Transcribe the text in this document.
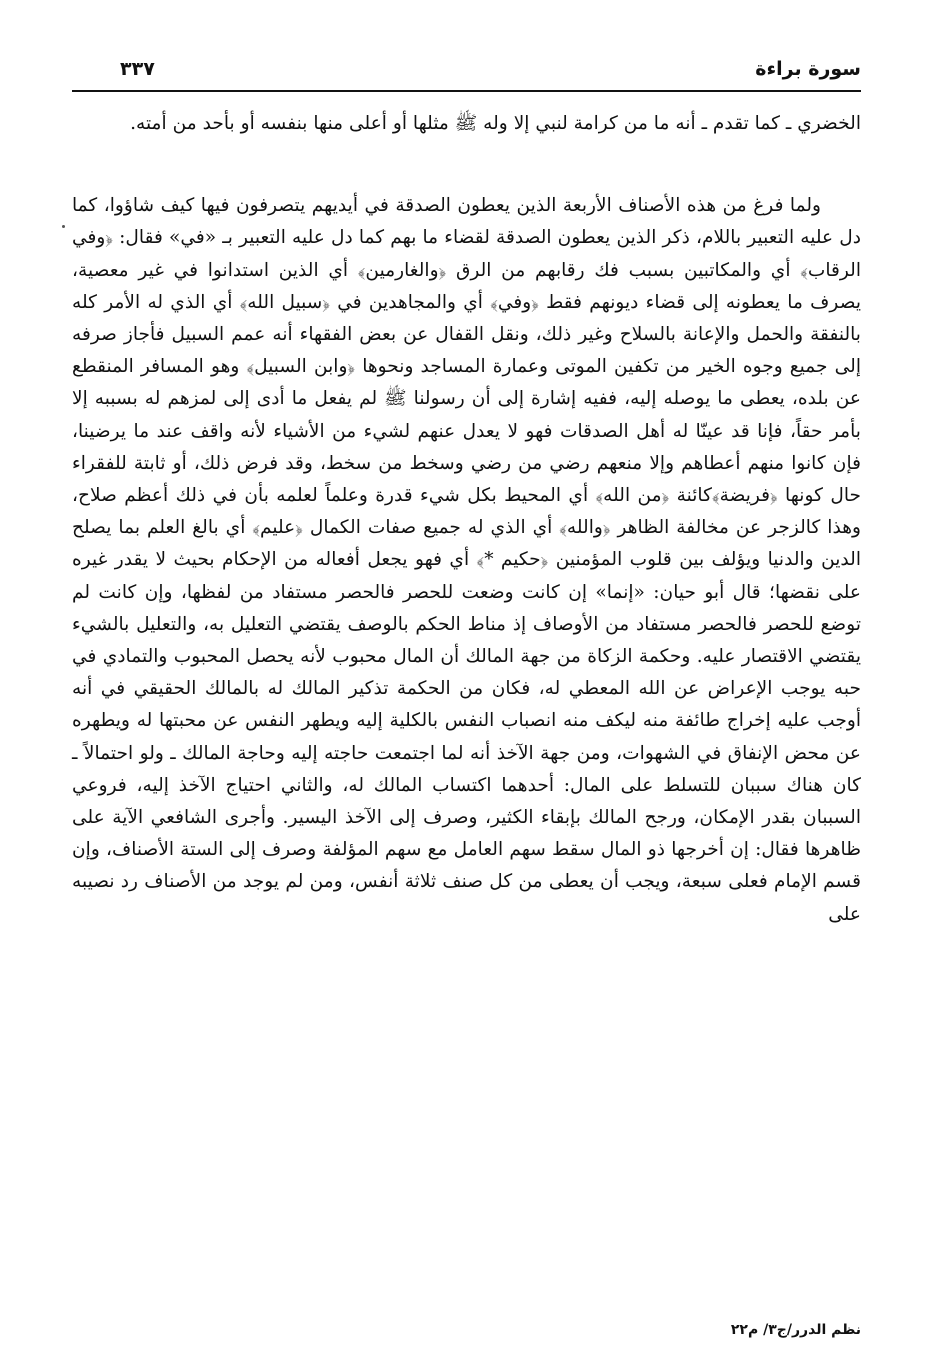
سورة براءة
٣٣٧

الخضري ـ كما تقدم ـ أنه ما من كرامة لنبي إلا وله ﷺ مثلها أو أعلى منها بنفسه أو بأحد من أمته.

ولما فرغ من هذه الأصناف الأربعة الذين يعطون الصدقة في أيديهم يتصرفون فيها كيف شاؤوا، كما دل عليه التعبير باللام، ذكر الذين يعطون الصدقة لقضاء ما بهم كما دل عليه التعبير بـ «في» فقال: ﴿وفي الرقاب﴾ أي والمكاتبين بسبب فك رقابهم من الرق ﴿والغارمين﴾ أي الذين استدانوا في غير معصية، يصرف ما يعطونه إلى قضاء ديونهم فقط ﴿وفي﴾ أي والمجاهدين في ﴿سبيل الله﴾ أي الذي له الأمر كله بالنفقة والحمل والإعانة بالسلاح وغير ذلك، ونقل القفال عن بعض الفقهاء أنه عمم السبيل فأجاز صرفه إلى جميع وجوه الخير من تكفين الموتى وعمارة المساجد ونحوها ﴿وابن السبيل﴾ وهو المسافر المنقطع عن بلده، يعطى ما يوصله إليه، ففيه إشارة إلى أن رسولنا ﷺ لم يفعل ما أدى إلى لمزهم له بسببه إلا بأمر حقاً، فإنا قد عينّا له أهل الصدقات فهو لا يعدل عنهم لشيء من الأشياء لأنه واقف عند ما يرضينا، فإن كانوا منهم أعطاهم وإلا منعهم رضي من رضي وسخط من سخط، وقد فرض ذلك، أو ثابتة للفقراء حال كونها ﴿فريضة﴾كائنة ﴿من الله﴾ أي المحيط بكل شيء قدرة وعلماً لعلمه بأن في ذلك أعظم صلاح، وهذا كالزجر عن مخالفة الظاهر ﴿والله﴾ أي الذي له جميع صفات الكمال ﴿عليم﴾ أي بالغ العلم بما يصلح الدين والدنيا ويؤلف بين قلوب المؤمنين ﴿حكيم *﴾ أي فهو يجعل أفعاله من الإحكام بحيث لا يقدر غيره على نقضها؛ قال أبو حيان: «إنما» إن كانت وضعت للحصر فالحصر مستفاد من لفظها، وإن كانت لم توضع للحصر فالحصر مستفاد من الأوصاف إذ مناط الحكم بالوصف يقتضي التعليل به، والتعليل بالشيء يقتضي الاقتصار عليه. وحكمة الزكاة من جهة المالك أن المال محبوب لأنه يحصل المحبوب والتمادي في حبه يوجب الإعراض عن الله المعطي له، فكان من الحكمة تذكير المالك له بالمالك الحقيقي في أنه أوجب عليه إخراج طائفة منه ليكف منه انصباب النفس بالكلية إليه ويطهر النفس عن محبتها له ويطهره عن محض الإنفاق في الشهوات، ومن جهة الآخذ أنه لما اجتمعت حاجته إليه وحاجة المالك ـ ولو احتمالاً ـ كان هناك سببان للتسلط على المال: أحدهما اكتساب المالك له، والثاني احتياج الآخذ إليه، فروعي السببان بقدر الإمكان، ورجح المالك بإبقاء الكثير، وصرف إلى الآخذ اليسير. وأجرى الشافعي الآية على ظاهرها فقال: إن أخرجها ذو المال سقط سهم العامل مع سهم المؤلفة وصرف إلى الستة الأصناف، وإن قسم الإمام فعلى سبعة، ويجب أن يعطى من كل صنف ثلاثة أنفس، ومن لم يوجد من الأصناف رد نصيبه على

نظم الدرر/ج٣/ م٢٢
